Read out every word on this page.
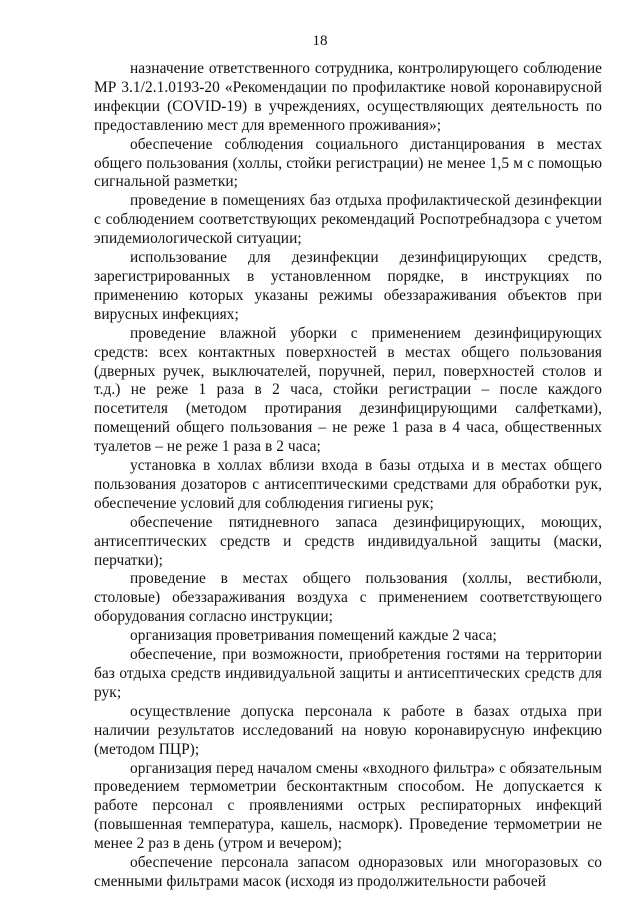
18

назначение ответственного сотрудника, контролирующего соблюдение МР 3.1/2.1.0193-20 «Рекомендации по профилактике новой коронавирусной инфекции (COVID-19) в учреждениях, осуществляющих деятельность по предоставлению мест для временного проживания»;

обеспечение соблюдения социального дистанцирования в местах общего пользования (холлы, стойки регистрации) не менее 1,5 м с помощью сигнальной разметки;

проведение в помещениях баз отдыха профилактической дезинфекции с соблюдением соответствующих рекомендаций Роспотребнадзора с учетом эпидемиологической ситуации;

использование для дезинфекции дезинфицирующих средств, зарегистрированных в установленном порядке, в инструкциях по применению которых указаны режимы обеззараживания объектов при вирусных инфекциях;

проведение влажной уборки с применением дезинфицирующих средств: всех контактных поверхностей в местах общего пользования (дверных ручек, выключателей, поручней, перил, поверхностей столов и т.д.) не реже 1 раза в 2 часа, стойки регистрации – после каждого посетителя (методом протирания дезинфицирующими салфетками), помещений общего пользования – не реже 1 раза в 4 часа, общественных туалетов – не реже 1 раза в 2 часа;

установка в холлах вблизи входа в базы отдыха и в местах общего пользования дозаторов с антисептическими средствами для обработки рук, обеспечение условий для соблюдения гигиены рук;

обеспечение пятидневного запаса дезинфицирующих, моющих, антисептических средств и средств индивидуальной защиты (маски, перчатки);

проведение в местах общего пользования (холлы, вестибюли, столовые) обеззараживания воздуха с применением соответствующего оборудования согласно инструкции;

организация проветривания помещений каждые 2 часа;

обеспечение, при возможности, приобретения гостями на территории баз отдыха средств индивидуальной защиты и антисептических средств для рук;

осуществление допуска персонала к работе в базах отдыха при наличии результатов исследований на новую коронавирусную инфекцию (методом ПЦР);

организация перед началом смены «входного фильтра» с обязательным проведением термометрии бесконтактным способом. Не допускается к работе персонал с проявлениями острых респираторных инфекций (повышенная температура, кашель, насморк). Проведение термометрии не менее 2 раз в день (утром и вечером);

обеспечение персонала запасом одноразовых или многоразовых со сменными фильтрами масок (исходя из продолжительности рабочей
